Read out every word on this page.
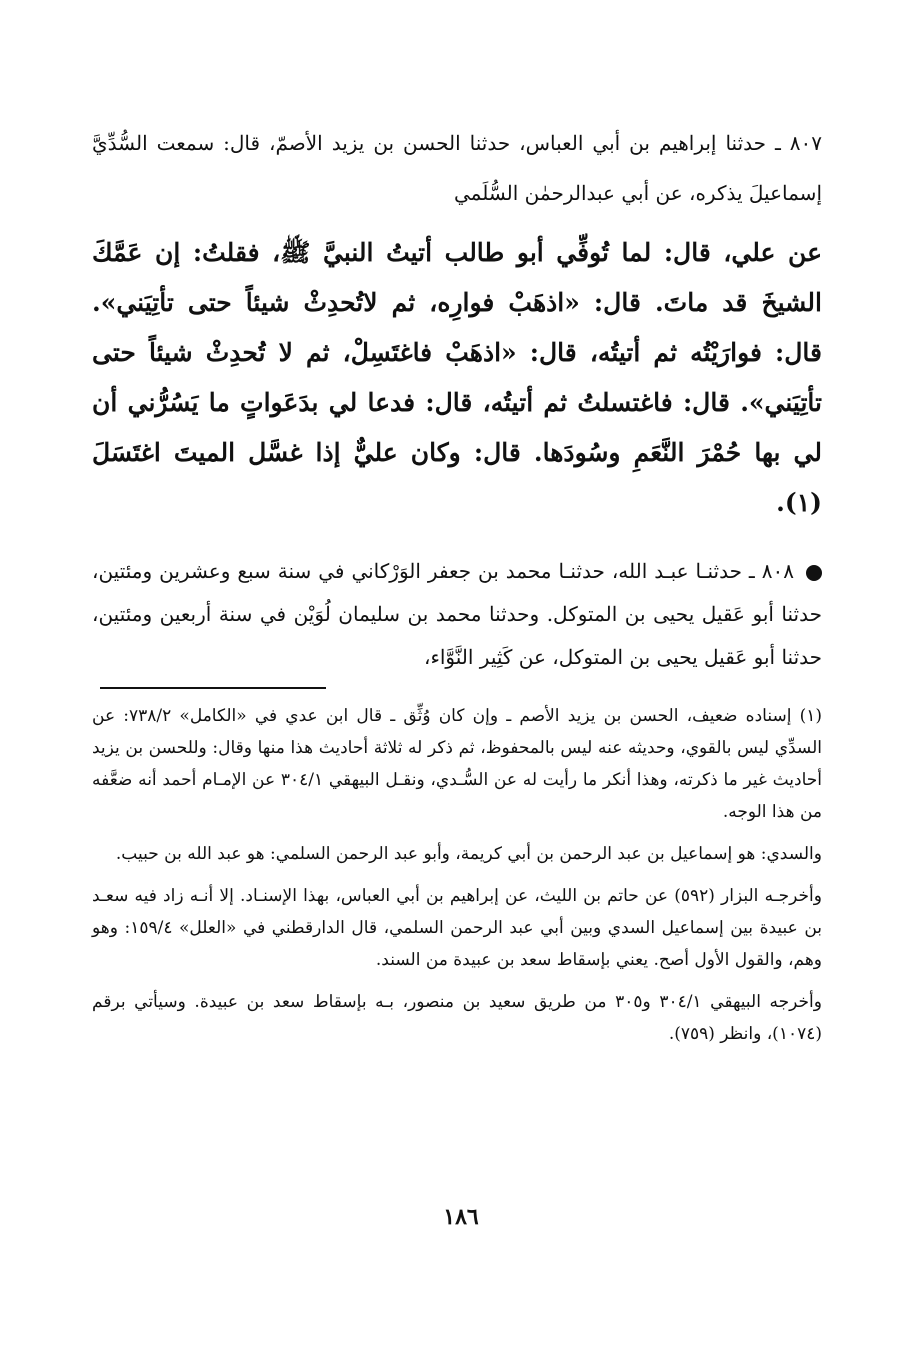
٨٠٧ ـ حدثنا إبراهيم بن أبي العباس، حدثنا الحسن بن يزيد الأصمّ، قال: سمعت السُّدِّيَّ إسماعيلَ يذكره، عن أبي عبدالرحمٰن السُّلَمي

عن علي، قال: لما تُوفِّي أبو طالب أتيتُ النبيَّ ﷺ، فقلتُ: إن عَمَّكَ الشيخَ قد ماتَ. قال: «اذهَبْ فوارِه، ثم لاتُحدِثْ شيئاً حتى تأتِيَني». قال: فوارَيْتُه ثم أتيتُه، قال: «اذهَبْ فاغتَسِلْ، ثم لا تُحدِثْ شيئاً حتى تأتِيَني». قال: فاغتسلتُ ثم أتيتُه، قال: فدعا لي بدَعَواتٍ ما يَسُرُّني أن لي بها حُمْرَ النَّعَمِ وسُودَها. قال: وكان عليٌّ إذا غسَّل الميتَ اغتَسَلَ (١).

٨٠٨ ـ حدثنـا عبـد الله، حدثنـا محمد بن جعفر الوَرْكاني في سنة سبع وعشرين ومئتين، حدثنا أبو عَقيل يحيى بن المتوكل. وحدثنا محمد بن سليمان لُوَيْن في سنة أربعين ومئتين، حدثنا أبو عَقيل يحيى بن المتوكل، عن كَثِير النَّوَّاء،

(١) إسناده ضعيف، الحسن بن يزيد الأصم ـ وإن كان وُثِّق ـ قال ابن عدي في «الكامل» ٧٣٨/٢: عن السدِّي ليس بالقوي، وحديثه عنه ليس بالمحفوظ، ثم ذكر له ثلاثة أحاديث هذا منها وقال: وللحسن بن يزيد أحاديث غير ما ذكرته، وهذا أنكر ما رأيت له عن السُّـدي، ونقـل البيهقي ٣٠٤/١ عن الإمـام أحمد أنه ضعَّفه من هذا الوجه.

والسدي: هو إسماعيل بن عبد الرحمن بن أبي كريمة، وأبو عبد الرحمن السلمي: هو عبد الله بن حبيب.

وأخرجـه البزار (٥٩٢) عن حاتم بن الليث، عن إبراهيم بن أبي العباس، بهذا الإسنـاد. إلا أنـه زاد فيه سعـد بن عبيدة بين إسماعيل السدي وبين أبي عبد الرحمن السلمي، قال الدارقطني في «العلل» ١٥٩/٤: وهو وهم، والقول الأول أصح. يعني بإسقاط سعد بن عبيدة من السند.

وأخرجه البيهقي ٣٠٤/١ و٣٠٥ من طريق سعيد بن منصور، بـه بإسقاط سعد بن عبيدة. وسيأتي برقم (١٠٧٤)، وانظر (٧٥٩).

١٨٦
